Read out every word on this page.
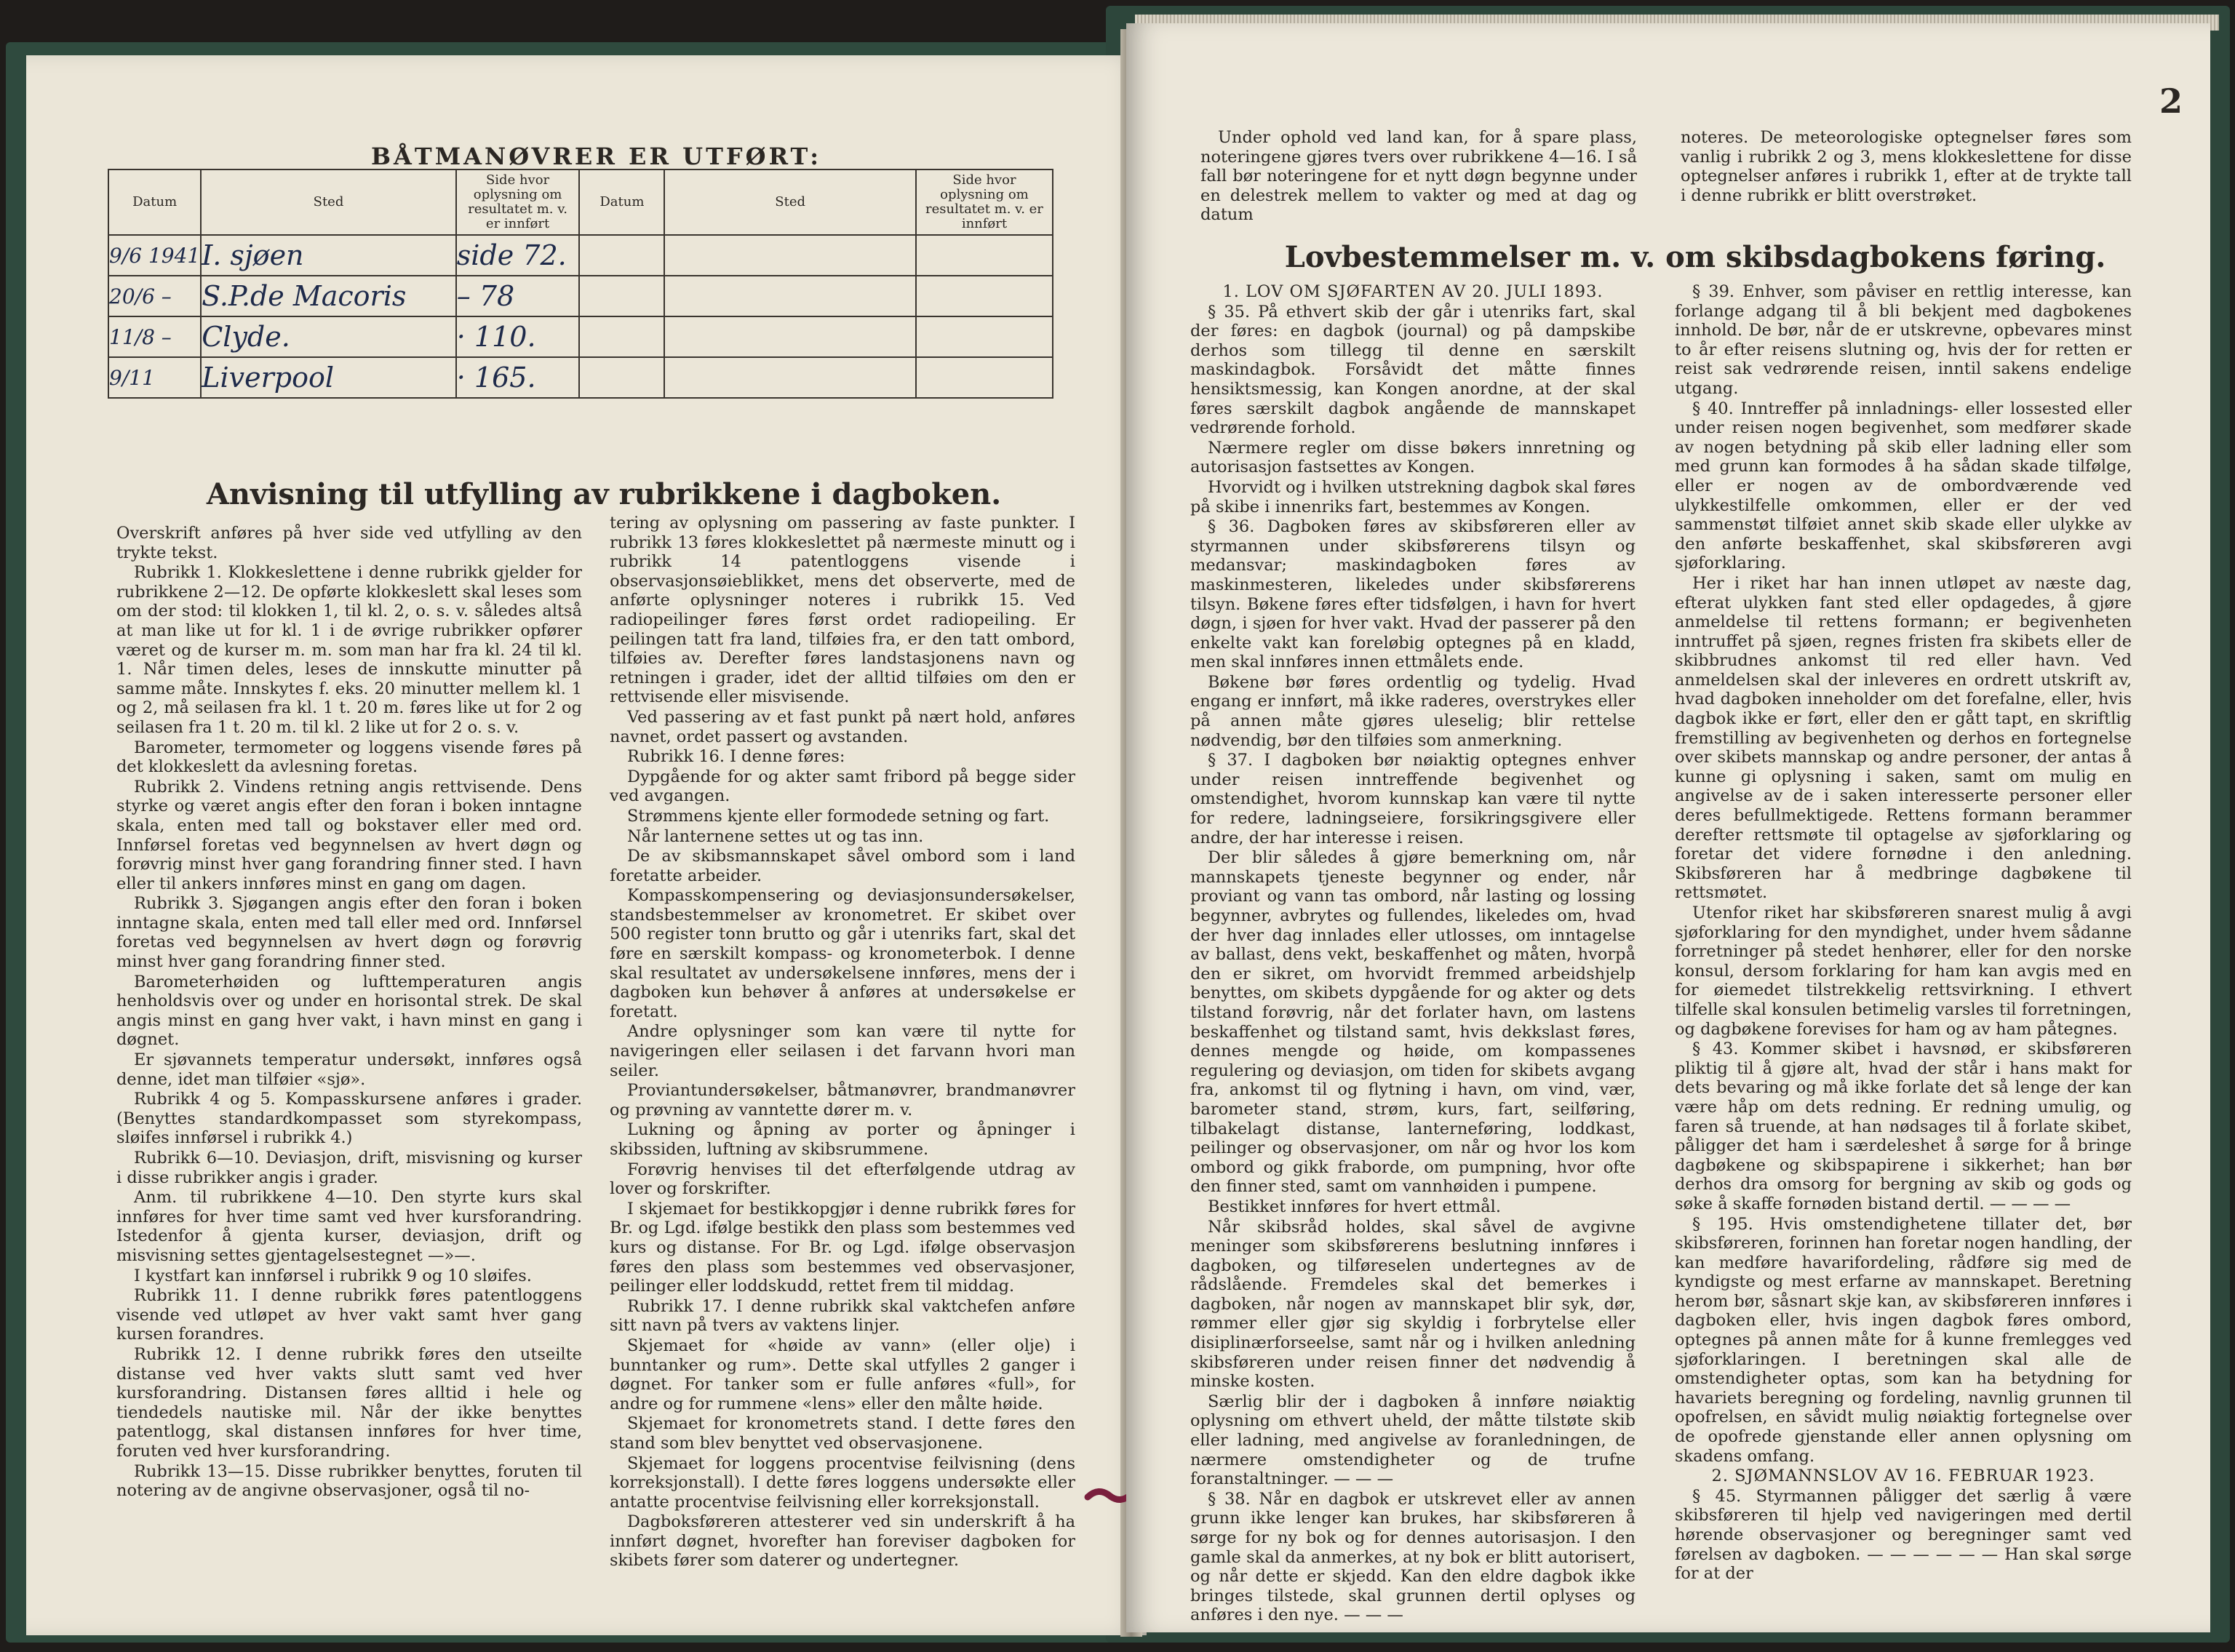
BÅTMANØVRER ER UTFØRT:
Datum	Sted	Side hvor oplysning om resultatet m. v. er innført	Datum	Sted	Side hvor oplysning om resultatet m. v. er innført
9/6 1941	I. sjøen	side 72.			
20/6 –	S.P.de Macoris	– 78			
11/8 –	Clyde.	· 110.			
9/11	Liverpool	· 165.			
Anvisning til utfylling av rubrikkene i dagboken.

Overskrift anføres på hver side ved utfylling av den trykte tekst.

Rubrikk 1. Klokkeslettene i denne rubrikk gjelder for rubrikkene 2—12. De opførte klokkeslett skal leses som om der stod: til klokken 1, til kl. 2, o. s. v. således altså at man like ut for kl. 1 i de øvrige rubrikker opfører været og de kurser m. m. som man har fra kl. 24 til kl. 1. Når timen deles, leses de innskutte minutter på samme måte. Innskytes f. eks. 20 minutter mellem kl. 1 og 2, må seilasen fra kl. 1 t. 20 m. føres like ut for 2 og seilasen fra 1 t. 20 m. til kl. 2 like ut for 2 o. s. v.

Barometer, termometer og loggens visende føres på det klokkeslett da avlesning foretas.

Rubrikk 2. Vindens retning angis rettvisende. Dens styrke og været angis efter den foran i boken inntagne skala, enten med tall og bokstaver eller med ord. Innførsel foretas ved begynnelsen av hvert døgn og forøvrig minst hver gang forandring finner sted. I havn eller til ankers innføres minst en gang om dagen.

Rubrikk 3. Sjøgangen angis efter den foran i boken inntagne skala, enten med tall eller med ord. Innførsel foretas ved begynnelsen av hvert døgn og forøvrig minst hver gang forandring finner sted.

Barometerhøiden og lufttemperaturen angis henholdsvis over og under en horisontal strek. De skal angis minst en gang hver vakt, i havn minst en gang i døgnet.

Er sjøvannets temperatur undersøkt, innføres også denne, idet man tilføier «sjø».

Rubrikk 4 og 5. Kompasskursene anføres i grader. (Benyttes standardkompasset som styrekompass, sløifes innførsel i rubrikk 4.)

Rubrikk 6—10. Deviasjon, drift, misvisning og kurser i disse rubrikker angis i grader.

Anm. til rubrikkene 4—10. Den styrte kurs skal innføres for hver time samt ved hver kursforandring. Istedenfor å gjenta kurser, deviasjon, drift og misvisning settes gjentagelsestegnet —»—.

I kystfart kan innførsel i rubrikk 9 og 10 sløifes.

Rubrikk 11. I denne rubrikk føres patentloggens visende ved utløpet av hver vakt samt hver gang kursen forandres.

Rubrikk 12. I denne rubrikk føres den utseilte distanse ved hver vakts slutt samt ved hver kursforandring. Distansen føres alltid i hele og tiendedels nautiske mil. Når der ikke benyttes patentlogg, skal distansen innføres for hver time, foruten ved hver kursforandring.

Rubrikk 13—15. Disse rubrikker benyttes, foruten til notering av de angivne observasjoner, også til no-

tering av oplysning om passering av faste punkter. I rubrikk 13 føres klokkeslettet på nærmeste minutt og i rubrikk 14 patentloggens visende i observasjonsøieblikket, mens det observerte, med de anførte oplysninger noteres i rubrikk 15. Ved radiopeilinger føres først ordet radiopeiling. Er peilingen tatt fra land, tilføies fra, er den tatt ombord, tilføies av. Derefter føres landstasjonens navn og retningen i grader, idet der alltid tilføies om den er rettvisende eller misvisende.

Ved passering av et fast punkt på nært hold, anføres navnet, ordet passert og avstanden.

Rubrikk 16. I denne føres:

Dypgående for og akter samt fribord på begge sider ved avgangen.

Strømmens kjente eller formodede setning og fart.

Når lanternene settes ut og tas inn.

De av skibsmannskapet såvel ombord som i land foretatte arbeider.

Kompasskompensering og deviasjonsundersøkelser, standsbestemmelser av kronometret. Er skibet over 500 register tonn brutto og går i utenriks fart, skal det føre en særskilt kompass- og kronometerbok. I denne skal resultatet av undersøkelsene innføres, mens der i dagboken kun behøver å anføres at undersøkelse er foretatt.

Andre oplysninger som kan være til nytte for navigeringen eller seilasen i det farvann hvori man seiler.

Proviantundersøkelser, båtmanøvrer, brandmanøvrer og prøvning av vanntette dører m. v.

Lukning og åpning av porter og åpninger i skibssiden, luftning av skibsrummene.

Forøvrig henvises til det efterfølgende utdrag av lover og forskrifter.

I skjemaet for bestikkopgjør i denne rubrikk føres for Br. og Lgd. ifølge bestikk den plass som bestemmes ved kurs og distanse. For Br. og Lgd. ifølge observasjon føres den plass som bestemmes ved observasjoner, peilinger eller loddskudd, rettet frem til middag.

Rubrikk 17. I denne rubrikk skal vaktchefen anføre sitt navn på tvers av vaktens linjer.

Skjemaet for «høide av vann» (eller olje) i bunntanker og rum». Dette skal utfylles 2 ganger i døgnet. For tanker som er fulle anføres «full», for andre og for rummene «lens» eller den målte høide.

Skjemaet for kronometrets stand. I dette føres den stand som blev benyttet ved observasjonene.

Skjemaet for loggens procentvise feilvisning (dens korreksjonstall). I dette føres loggens undersøkte eller antatte procentvise feilvisning eller korreksjonstall.

Dagboksføreren attesterer ved sin underskrift å ha innført døgnet, hvorefter han foreviser dagboken for skibets fører som daterer og undertegner.

2

Under ophold ved land kan, for å spare plass, noteringene gjøres tvers over rubrikkene 4—16. I så fall bør noteringene for et nytt døgn begynne under en delestrek mellem to vakter og med at dag og datum

noteres. De meteorologiske optegnelser føres som vanlig i rubrikk 2 og 3, mens klokkeslettene for disse optegnelser anføres i rubrikk 1, efter at de trykte tall i denne rubrikk er blitt overstrøket.

Lovbestemmelser m. v. om skibsdagbokens føring.

1. LOV OM SJØFARTEN AV 20. JULI 1893.

§ 35. På ethvert skib der går i utenriks fart, skal der føres: en dagbok (journal) og på dampskibe derhos som tillegg til denne en særskilt maskindagbok. Forsåvidt det måtte finnes hensiktsmessig, kan Kongen anordne, at der skal føres særskilt dagbok angående de mannskapet vedrørende forhold.

Nærmere regler om disse bøkers innretning og autorisasjon fastsettes av Kongen.

Hvorvidt og i hvilken utstrekning dagbok skal føres på skibe i innenriks fart, bestemmes av Kongen.

§ 36. Dagboken føres av skibsføreren eller av styrmannen under skibsførerens tilsyn og medansvar; maskindagboken føres av maskinmesteren, likeledes under skibsførerens tilsyn. Bøkene føres efter tidsfølgen, i havn for hvert døgn, i sjøen for hver vakt. Hvad der passerer på den enkelte vakt kan foreløbig optegnes på en kladd, men skal innføres innen ettmålets ende.

Bøkene bør føres ordentlig og tydelig. Hvad engang er innført, må ikke raderes, overstrykes eller på annen måte gjøres uleselig; blir rettelse nødvendig, bør den tilføies som anmerkning.

§ 37. I dagboken bør nøiaktig optegnes enhver under reisen inntreffende begivenhet og omstendighet, hvorom kunnskap kan være til nytte for redere, ladningseiere, forsikringsgivere eller andre, der har interesse i reisen.

Der blir således å gjøre bemerkning om, når mannskapets tjeneste begynner og ender, når proviant og vann tas ombord, når lasting og lossing begynner, avbrytes og fullendes, likeledes om, hvad der hver dag innlades eller utlosses, om inntagelse av ballast, dens vekt, beskaffenhet og måten, hvorpå den er sikret, om hvorvidt fremmed arbeidshjelp benyttes, om skibets dypgående for og akter og dets tilstand forøvrig, når det forlater havn, om lastens beskaffenhet og tilstand samt, hvis dekkslast føres, dennes mengde og høide, om kompassenes regulering og deviasjon, om tiden for skibets avgang fra, ankomst til og flytning i havn, om vind, vær, barometer stand, strøm, kurs, fart, seilføring, tilbakelagt distanse, lanterneføring, loddkast, peilinger og observasjoner, om når og hvor los kom ombord og gikk fraborde, om pumpning, hvor ofte den finner sted, samt om vannhøiden i pumpene.

Bestikket innføres for hvert ettmål.

Når skibsråd holdes, skal såvel de avgivne meninger som skibsførerens beslutning innføres i dagboken, og tilføreselen undertegnes av de rådslående. Fremdeles skal det bemerkes i dagboken, når nogen av mannskapet blir syk, dør, rømmer eller gjør sig skyldig i forbrytelse eller disiplinærforseelse, samt når og i hvilken anledning skibsføreren under reisen finner det nødvendig å minske kosten.

Særlig blir der i dagboken å innføre nøiaktig oplysning om ethvert uheld, der måtte tilstøte skib eller ladning, med angivelse av foranledningen, de nærmere omstendigheter og de trufne foranstaltninger. — — —

§ 38. Når en dagbok er utskrevet eller av annen grunn ikke lenger kan brukes, har skibsføreren å sørge for ny bok og for dennes autorisasjon. I den gamle skal da anmerkes, at ny bok er blitt autorisert, og når dette er skjedd. Kan den eldre dagbok ikke bringes tilstede, skal grunnen dertil oplyses og anføres i den nye. — — —

§ 39. Enhver, som påviser en rettlig interesse, kan forlange adgang til å bli bekjent med dagbokenes innhold. De bør, når de er utskrevne, opbevares minst to år efter reisens slutning og, hvis der for retten er reist sak vedrørende reisen, inntil sakens endelige utgang.

§ 40. Inntreffer på innladnings- eller lossested eller under reisen nogen begivenhet, som medfører skade av nogen betydning på skib eller ladning eller som med grunn kan formodes å ha sådan skade tilfølge, eller er nogen av de ombordværende ved ulykkestilfelle omkommen, eller er der ved sammenstøt tilføiet annet skib skade eller ulykke av den anførte beskaffenhet, skal skibsføreren avgi sjøforklaring.

Her i riket har han innen utløpet av næste dag, efterat ulykken fant sted eller opdagedes, å gjøre anmeldelse til rettens formann; er begivenheten inntruffet på sjøen, regnes fristen fra skibets eller de skibbrudnes ankomst til red eller havn. Ved anmeldelsen skal der inleveres en ordrett utskrift av, hvad dagboken inneholder om det forefalne, eller, hvis dagbok ikke er ført, eller den er gått tapt, en skriftlig fremstilling av begivenheten og derhos en fortegnelse over skibets mannskap og andre personer, der antas å kunne gi oplysning i saken, samt om mulig en angivelse av de i saken interesserte personer eller deres befullmektigede. Rettens formann berammer derefter rettsmøte til optagelse av sjøforklaring og foretar det videre fornødne i den anledning. Skibsføreren har å medbringe dagbøkene til rettsmøtet.

Utenfor riket har skibsføreren snarest mulig å avgi sjøforklaring for den myndighet, under hvem sådanne forretninger på stedet henhører, eller for den norske konsul, dersom forklaring for ham kan avgis med en for øiemedet tilstrekkelig rettsvirkning. I ethvert tilfelle skal konsulen betimelig varsles til forretningen, og dagbøkene forevises for ham og av ham påtegnes.

§ 43. Kommer skibet i havsnød, er skibsføreren pliktig til å gjøre alt, hvad der står i hans makt for dets bevaring og må ikke forlate det så lenge der kan være håp om dets redning. Er redning umulig, og faren så truende, at han nødsages til å forlate skibet, påligger det ham i særdeleshet å sørge for å bringe dagbøkene og skibspapirene i sikkerhet; han bør derhos dra omsorg for bergning av skib og gods og søke å skaffe fornøden bistand dertil. — — — —

§ 195. Hvis omstendighetene tillater det, bør skibsføreren, forinnen han foretar nogen handling, der kan medføre havarifordeling, rådføre sig med de kyndigste og mest erfarne av mannskapet. Beretning herom bør, såsnart skje kan, av skibsføreren innføres i dagboken eller, hvis ingen dagbok føres ombord, optegnes på annen måte for å kunne fremlegges ved sjøforklaringen. I beretningen skal alle de omstendigheter optas, som kan ha betydning for havariets beregning og fordeling, navnlig grunnen til opofrelsen, en såvidt mulig nøiaktig fortegnelse over de opofrede gjenstande eller annen oplysning om skadens omfang.

2. SJØMANNSLOV AV 16. FEBRUAR 1923.

§ 45. Styrmannen påligger det særlig å være skibsføreren til hjelp ved navigeringen med dertil hørende observasjoner og beregninger samt ved førelsen av dagboken. — — — — — — Han skal sørge for at der
